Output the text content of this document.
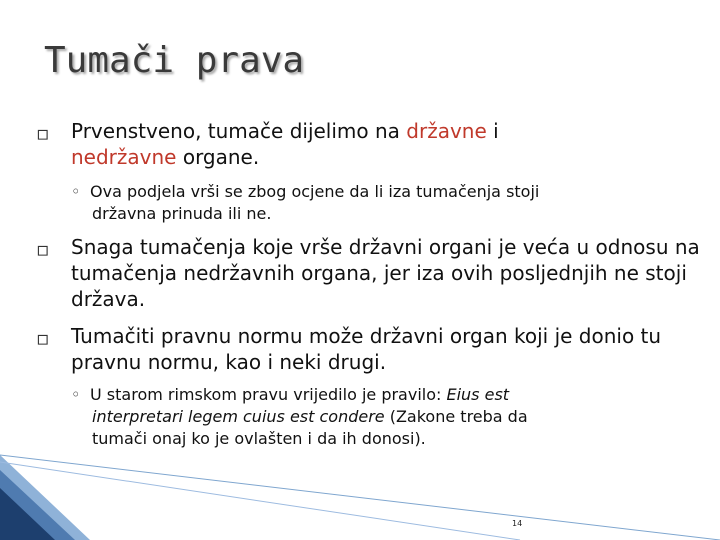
Tumači prava
▫	Prvenstveno, tumače dijelimo na državne i
nedržavne organe.
◦ Ova podjela vrši se zbog ocjene da li iza tumačenja stoji
državna prinuda ili ne.
▫	Snaga tumačenja koje vrše državni organi je veća u odnosu na tumačenja nedržavnih organa, jer iza ovih posljednjih ne stoji država.
▫	Tumačiti pravnu normu može državni organ koji je donio tu pravnu normu, kao i neki drugi.
◦ U starom rimskom pravu vrijedilo je pravilo: Eius est
interpretari legem cuius est condere (Zakone treba da
tumači onaj ko je ovlašten i da ih donosi).
14
